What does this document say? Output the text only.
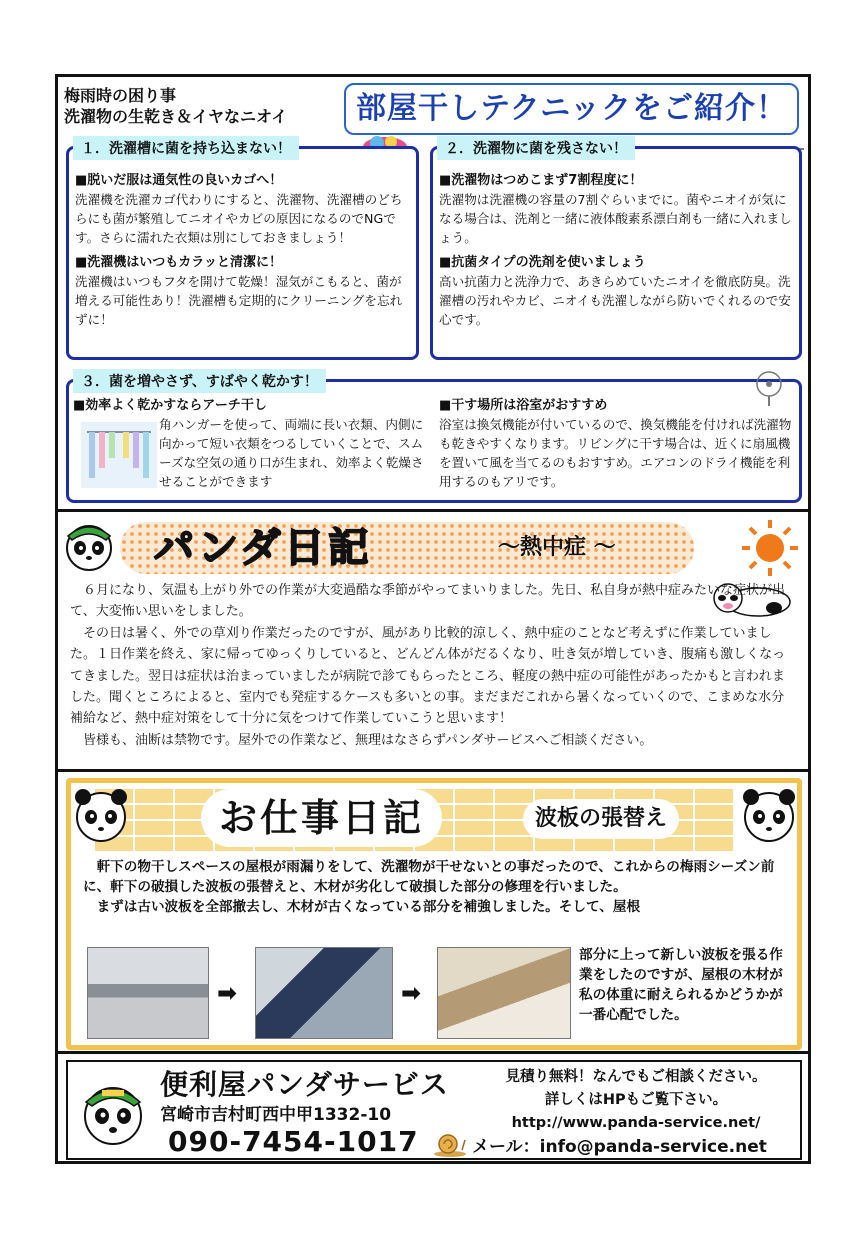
梅雨時の困り事
洗濯物の生乾き＆イヤなニオイ	部屋干しテクニックをご紹介！
１．洗濯槽に菌を持ち込まない！
■脱いだ服は通気性の良いカゴへ！
洗濯機を洗濯カゴ代わりにすると、洗濯物、洗濯槽のどちらにも菌が繁殖してニオイやカビの原因になるのでNGです。さらに濡れた衣類は別にしておきましょう！
■洗濯機はいつもカラッと清潔に！
洗濯機はいつもフタを開けて乾燥！湿気がこもると、菌が増える可能性あり！洗濯槽も定期的にクリーニングを忘れずに！
２．洗濯物に菌を残さない！
■洗濯物はつめこまず7割程度に！
洗濯物は洗濯機の容量の7割ぐらいまでに。菌やニオイが気になる場合は、洗剤と一緒に液体酸素系漂白剤も一緒に入れましょう。
■抗菌タイプの洗剤を使いましょう
高い抗菌力と洗浄力で、あきらめていたニオイを徹底防臭。洗濯槽の汚れやカビ、ニオイも洗濯しながら防いでくれるので安心です。
３．菌を増やさず、すばやく乾かす！
■効率よく乾かすならアーチ干し
角ハンガーを使って、両端に長い衣類、内側に向かって短い衣類をつるしていくことで、スムーズな空気の通り口が生まれ、効率よく乾燥させることができます
■干す場所は浴室がおすすめ
浴室は換気機能が付いているので、換気機能を付ければ洗濯物も乾きやすくなります。リビングに干す場合は、近くに扇風機を置いて風を当てるのもおすすめ。エアコンのドライ機能を利用するのもアリです。
パンダ日記	～熱中症 ～

６月になり、気温も上がり外での作業が大変過酷な季節がやってまいりました。先日、私自身が熱中症みたいな症状が出て、大変怖い思いをしました。

その日は暑く、外での草刈り作業だったのですが、風があり比較的涼しく、熱中症のことなど考えずに作業していました。１日作業を終え、家に帰ってゆっくりしていると、どんどん体がだるくなり、吐き気が増していき、腹痛も激しくなってきました。翌日は症状は治まっていましたが病院で診てもらったところ、軽度の熱中症の可能性があったかもと言われました。聞くところによると、室内でも発症するケースも多いとの事。まだまだこれから暑くなっていくので、こまめな水分補給など、熱中症対策をして十分に気をつけて作業していこうと思います！

皆様も、油断は禁物です。屋外での作業など、無理はなさらずパンダサービスへご相談ください。

お仕事日記	波板の張替え

軒下の物干しスペースの屋根が雨漏りをして、洗濯物が干せないとの事だったので、これからの梅雨シーズン前に、軒下の破損した波板の張替えと、木材が劣化して破損した部分の修理を行いました。

まずは古い波板を全部撤去し、木材が古くなっている部分を補強しました。そして、屋根

➡	➡
部分に上って新しい波板を張る作業をしたのですが、屋根の木材が私の体重に耐えられるかどうかが一番心配でした。
便利屋パンダサービス
宮崎市吉村町西中甲1332-10
090-7454-1017
見積り無料！なんでもご相談ください。
詳しくはHPもご覧下さい。
http://www.panda-service.net/
メール：info@panda-service.net
